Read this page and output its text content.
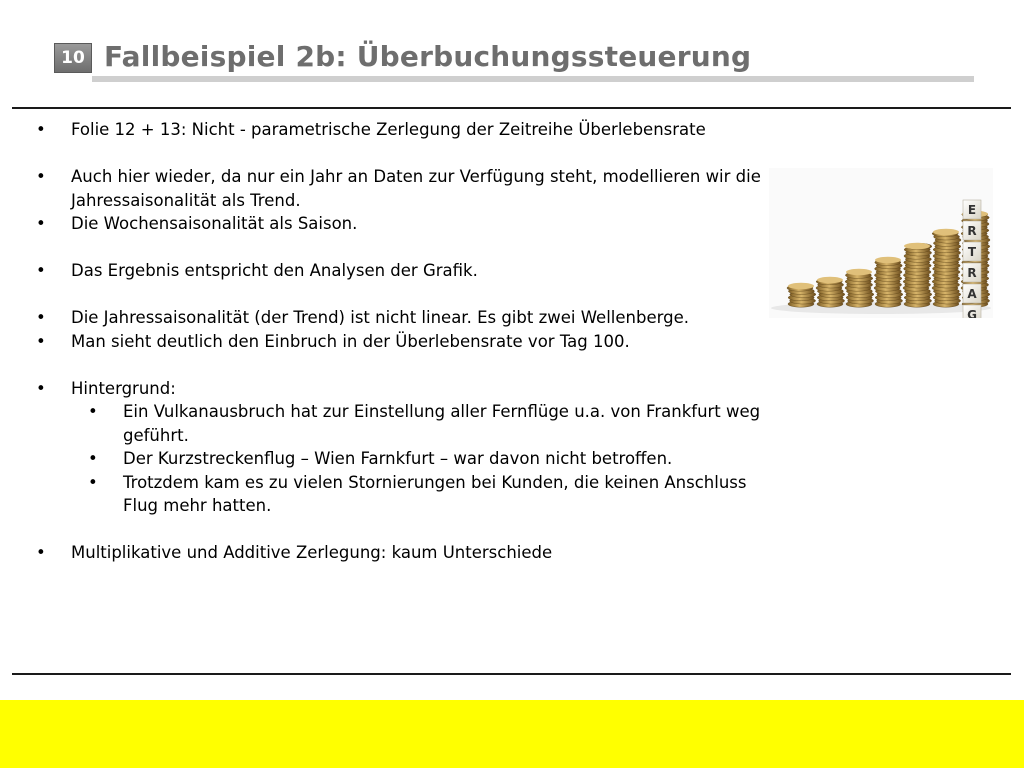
10 Fallbeispiel 2b: Überbuchungssteuerung
• Folie 12 + 13: Nicht - parametrische Zerlegung der Zeitreihe Überlebensrate
• Auch hier wieder, da nur ein Jahr an Daten zur Verfügung steht, modellieren wir die Jahressaisonalität als Trend.
• Die Wochensaisonalität als Saison.
• Das Ergebnis entspricht den Analysen der Grafik.
• Die Jahressaisonalität (der Trend) ist nicht linear. Es gibt zwei Wellenberge.
• Man sieht deutlich den Einbruch in der Überlebensrate vor Tag 100.
• Hintergrund:
• Ein Vulkanausbruch hat zur Einstellung aller Fernflüge u.a. von Frankfurt weg geführt.
• Der Kurzstreckenflug – Wien Farnkfurt – war davon nicht betroffen.
• Trotzdem kam es zu vielen Stornierungen bei Kunden, die keinen Anschluss Flug mehr hatten.
• Multiplikative und Additive Zerlegung: kaum Unterschiede
E
R
T
R
A
G
